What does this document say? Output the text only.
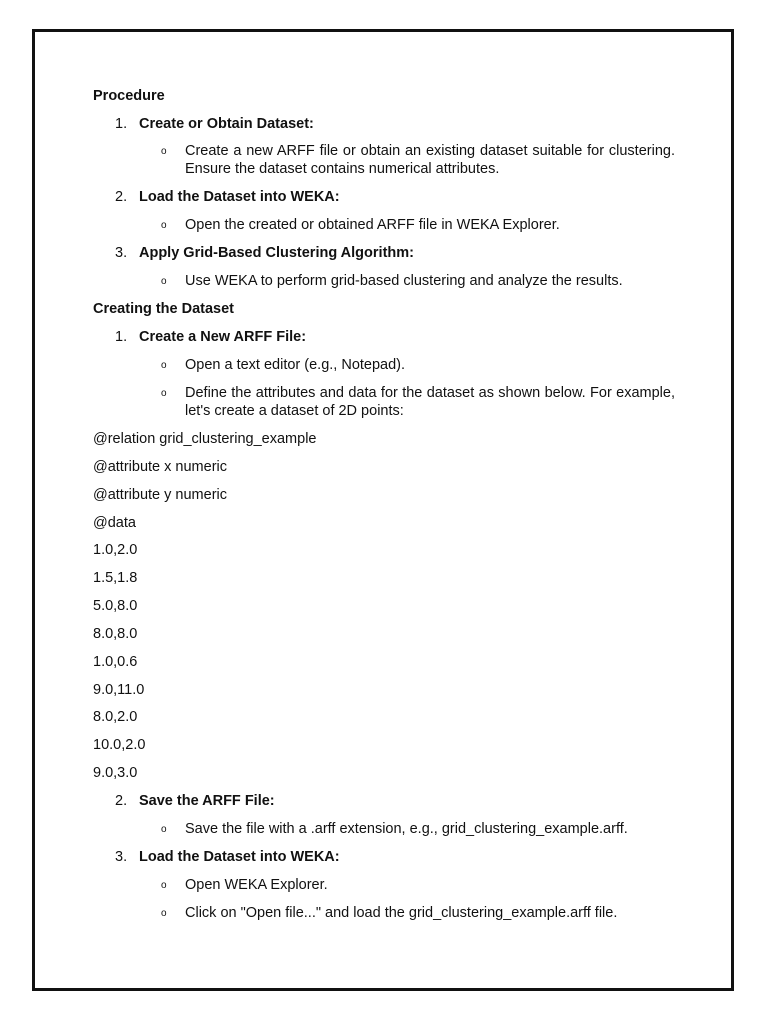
Procedure
1. Create or Obtain Dataset:
o Create a new ARFF file or obtain an existing dataset suitable for clustering. Ensure the dataset contains numerical attributes.
2. Load the Dataset into WEKA:
o Open the created or obtained ARFF file in WEKA Explorer.
3. Apply Grid-Based Clustering Algorithm:
o Use WEKA to perform grid-based clustering and analyze the results.
Creating the Dataset
1. Create a New ARFF File:
o Open a text editor (e.g., Notepad).
o Define the attributes and data for the dataset as shown below. For example, let's create a dataset of 2D points:
@relation grid_clustering_example
@attribute x numeric
@attribute y numeric
@data
1.0,2.0
1.5,1.8
5.0,8.0
8.0,8.0
1.0,0.6
9.0,11.0
8.0,2.0
10.0,2.0
9.0,3.0
2. Save the ARFF File:
o Save the file with a .arff extension, e.g., grid_clustering_example.arff.
3. Load the Dataset into WEKA:
o Open WEKA Explorer.
o Click on "Open file..." and load the grid_clustering_example.arff file.
